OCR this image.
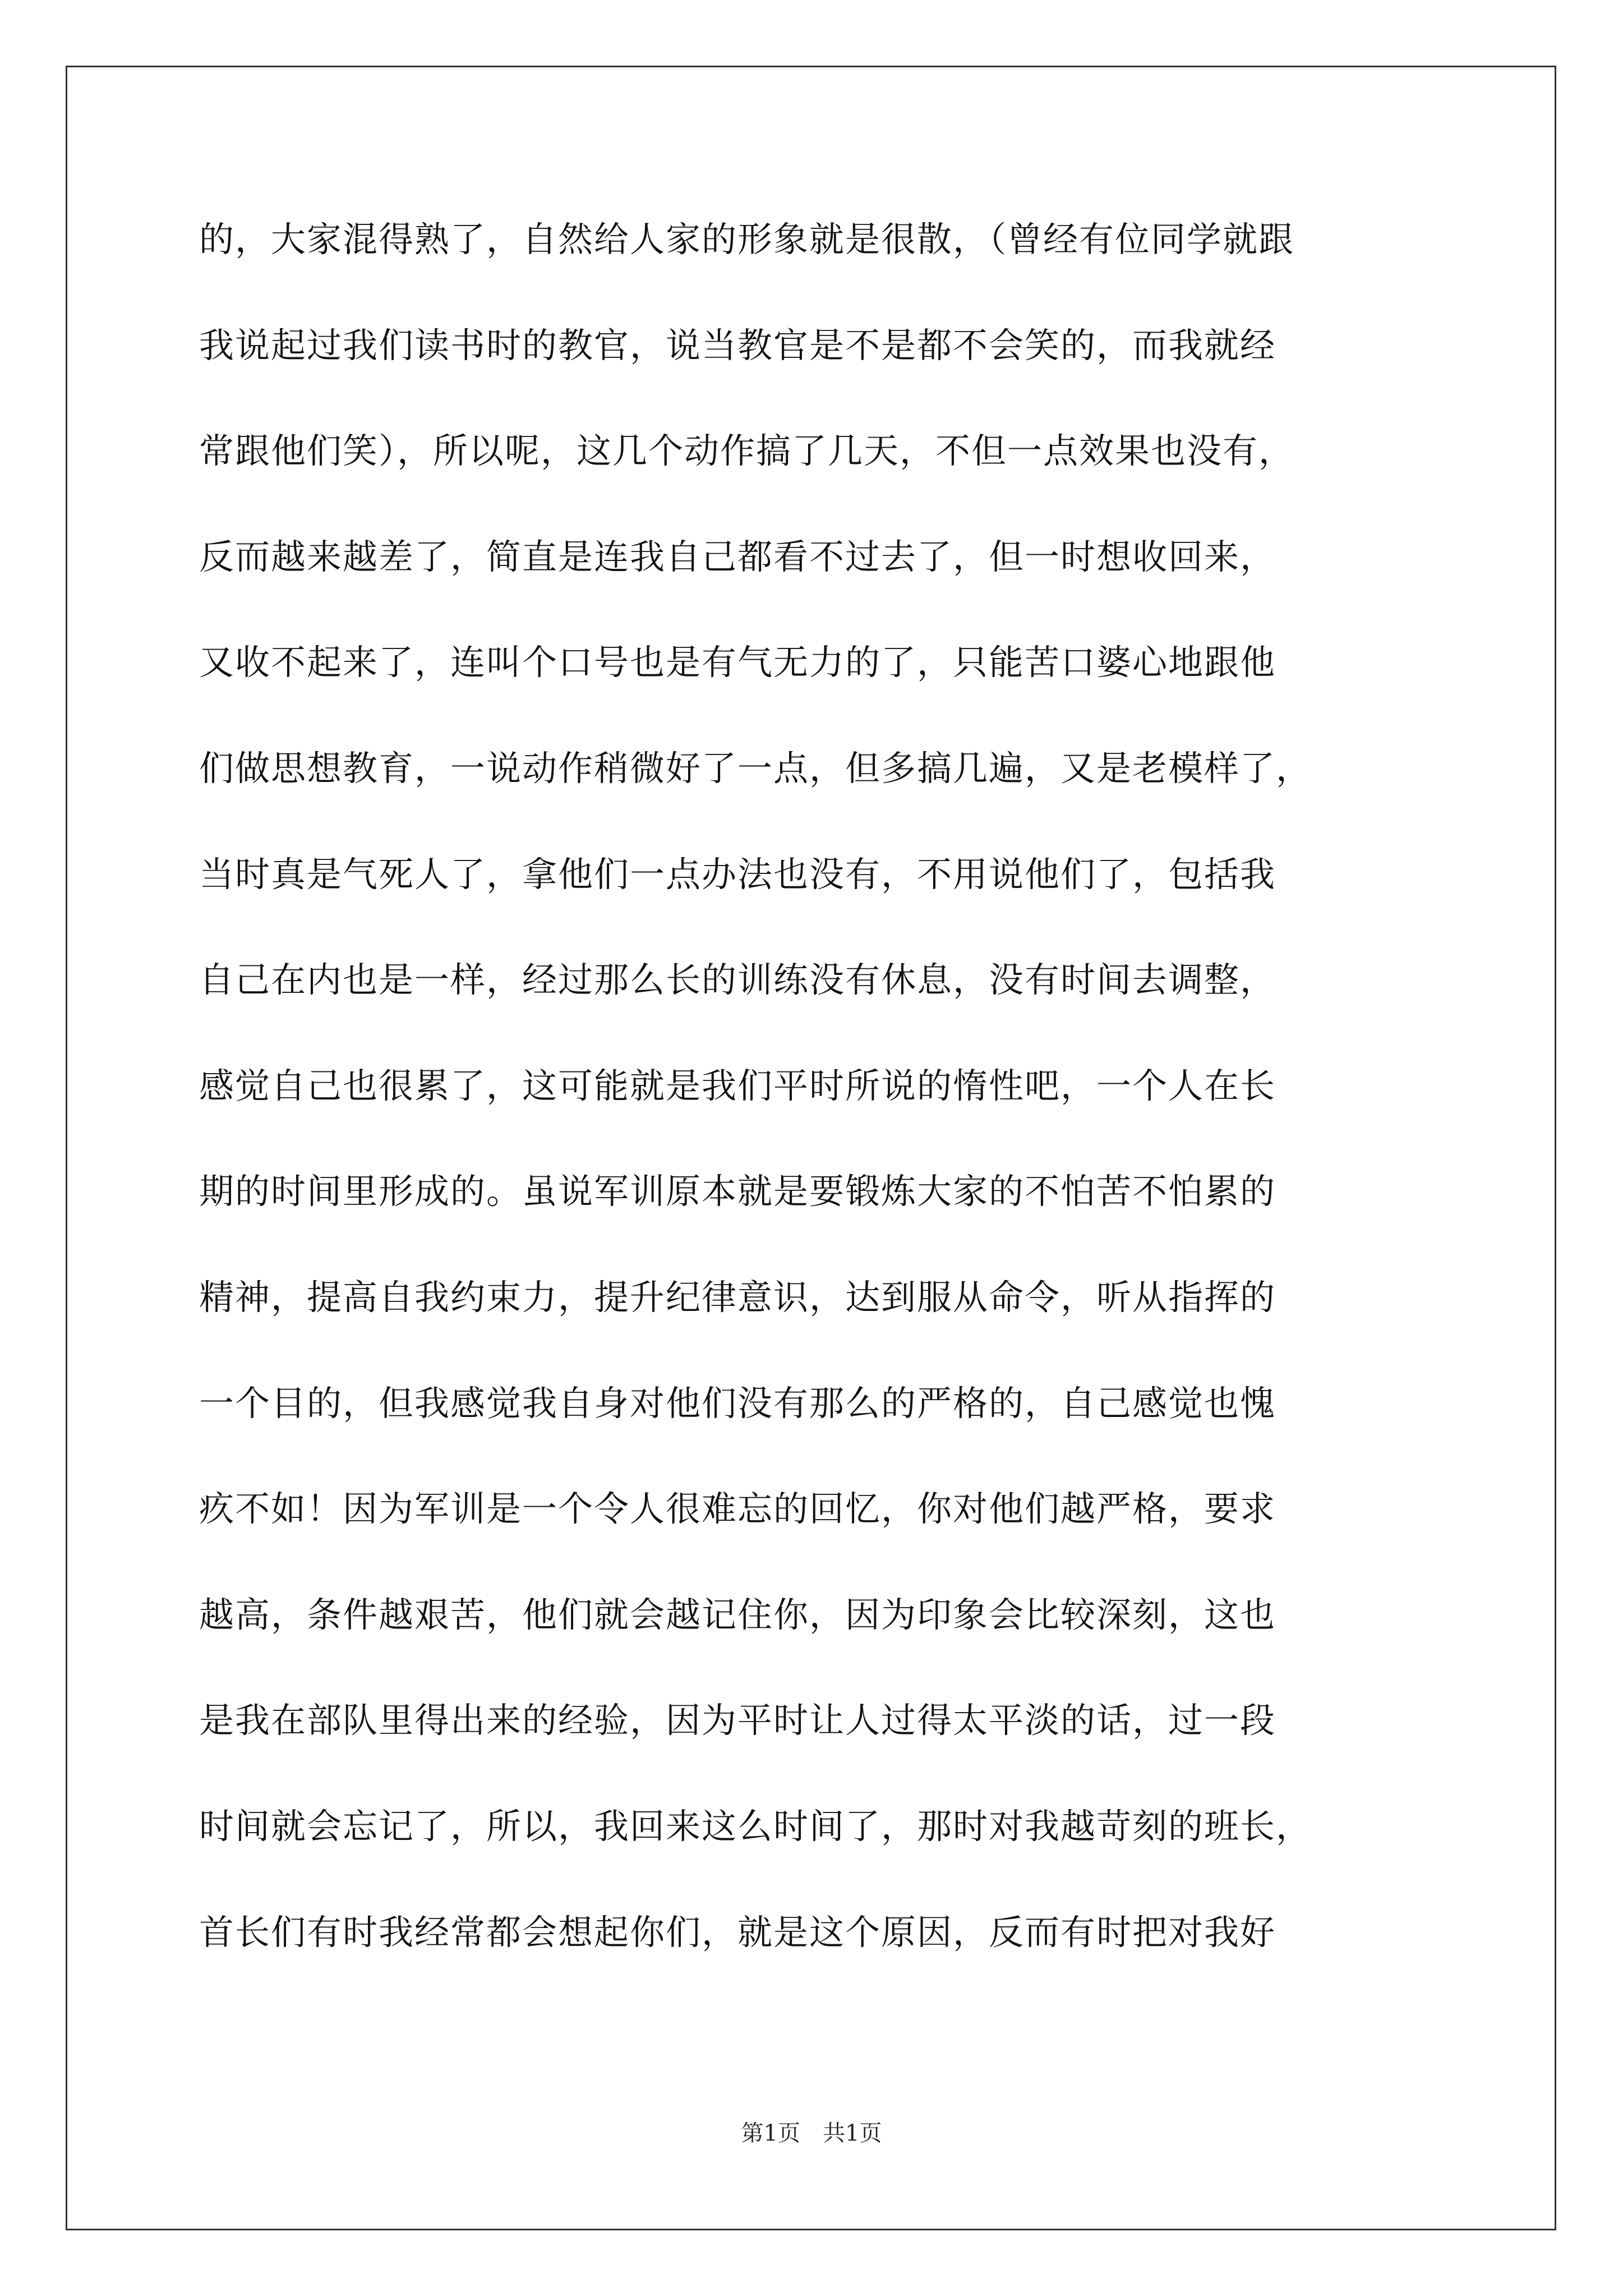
的，大家混得熟了，自然给人家的形象就是很散，（曾经有位同学就跟
我说起过我们读书时的教官，说当教官是不是都不会笑的，而我就经
常跟他们笑），所以呢，这几个动作搞了几天，不但一点效果也没有，
反而越来越差了，简直是连我自己都看不过去了，但一时想收回来，
又收不起来了，连叫个口号也是有气无力的了，只能苦口婆心地跟他
们做思想教育，一说动作稍微好了一点，但多搞几遍，又是老模样了，
当时真是气死人了，拿他们一点办法也没有，不用说他们了，包括我
自己在内也是一样，经过那么长的训练没有休息，没有时间去调整，
感觉自己也很累了，这可能就是我们平时所说的惰性吧，一个人在长
期的时间里形成的。虽说军训原本就是要锻炼大家的不怕苦不怕累的
精神，提高自我约束力，提升纪律意识，达到服从命令，听从指挥的
一个目的，但我感觉我自身对他们没有那么的严格的，自己感觉也愧
疚不如！因为军训是一个令人很难忘的回忆，你对他们越严格，要求
越高，条件越艰苦，他们就会越记住你，因为印象会比较深刻，这也
是我在部队里得出来的经验，因为平时让人过得太平淡的话，过一段
时间就会忘记了，所以，我回来这么时间了，那时对我越苛刻的班长，
首长们有时我经常都会想起你们，就是这个原因，反而有时把对我好
第1页　共1页
